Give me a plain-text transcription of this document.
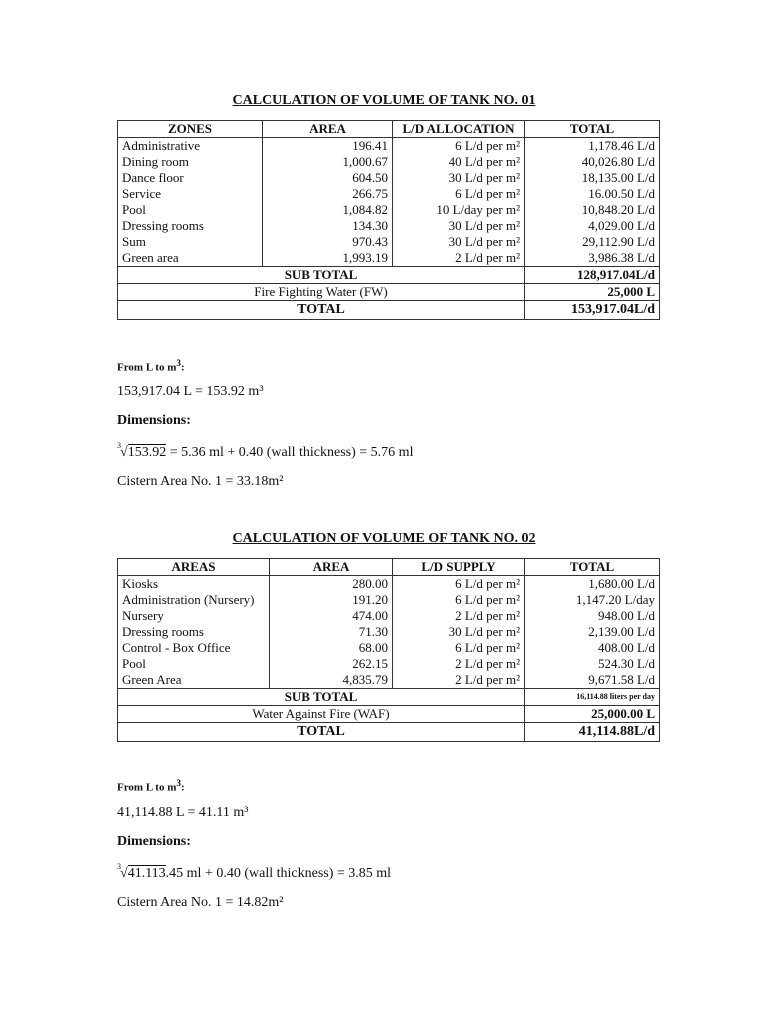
CALCULATION OF VOLUME OF TANK NO. 01
ZONES	AREA	L/D ALLOCATION	TOTAL
Administrative	196.41	6 L/d per m²	1,178.46 L/d
Dining room	1,000.67	40 L/d per m²	40,026.80 L/d
Dance floor	604.50	30 L/d per m²	18,135.00 L/d
Service	266.75	6 L/d per m²	16.00.50 L/d
Pool	1,084.82	10 L/day per m²	10,848.20 L/d
Dressing rooms	134.30	30 L/d per m²	4,029.00 L/d
Sum	970.43	30 L/d per m²	29,112.90 L/d
Green area	1,993.19	2 L/d per m²	3,986.38 L/d
SUB TOTAL			128,917.04L/d
Fire Fighting Water (FW)			25,000 L
TOTAL			153,917.04L/d
From L to $m^3$:
153,917.04 L = 153.92 m³
Dimensions:
3 √153.92 = 5.36 ml + 0.40 (wall thickness) = 5.76 ml
Cistern Area No. 1 = 33.18m²
CALCULATION OF VOLUME OF TANK NO. 02
AREAS	AREA	L/D SUPPLY	TOTAL
Kiosks	280.00	6 L/d per m²	1,680.00 L/d
Administration (Nursery)	191.20	6 L/d per m²	1,147.20 L/day
Nursery	474.00	2 L/d per m²	948.00 L/d
Dressing rooms	71.30	30 L/d per m²	2,139.00 L/d
Control - Box Office	68.00	6 L/d per m²	408.00 L/d
Pool	262.15	2 L/d per m²	524.30 L/d
Green Area	4,835.79	2 L/d per m²	9,671.58 L/d
SUB TOTAL			16,114.88 liters per day
Water Against Fire (WAF)			25,000.00 L
TOTAL			41,114.88L/d
From L to $m^3$:
41,114.88 L = 41.11 m³
Dimensions:
3 √41.113.45 ml + 0.40 (wall thickness) = 3.85 ml
Cistern Area No. 1 = 14.82m²
